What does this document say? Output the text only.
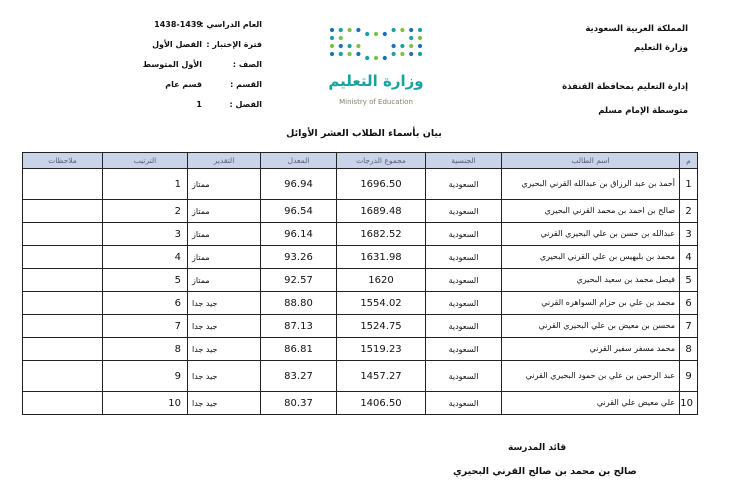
المملكة العربية السعودية
وزارة التعليم
إدارة التعليم بمحافظة القنفذة
متوسطة الإمام مسلم
العام الدراسي :
1438-1439
فترة الإختبار :
الفصل الأول
الصف :
الأول المتوسط
القسم :
قسم عام
الفصل :
1
وزارة التعليم
Ministry of Education
بيان بأسماء الطلاب العشر الأوائل
م	اسم الطالب	الجنسية	مجموع الدرجات	المعدل	التقدير	الترتيب	ملاحظات
1	أحمد بن عبد الرزاق بن عبدالله القرني البحيري	السعودية	1696.50	96.94	ممتاز	1	
2	صالح بن احمد بن محمد القرني البحيري	السعودية	1689.48	96.54	ممتاز	2	
3	عبدالله بن حسن بن علي البحيري القرني	السعودية	1682.52	96.14	ممتاز	3	
4	محمد بن بليهيس بن علي القرني البحيري	السعودية	1631.98	93.26	ممتاز	4	
5	فيصل محمد بن سعيد البحيري	السعودية	1620	92.57	ممتاز	5	
6	محمد بن علي بن حزام السواهره القرني	السعودية	1554.02	88.80	جيد جدا	6	
7	محسن بن معيض بن علي البحيري القرني	السعودية	1524.75	87.13	جيد جدا	7	
8	محمد مسفر سفير القرني	السعودية	1519.23	86.81	جيد جدا	8	
9	عبد الرحمن بن علي بن حمود البحيري القرني	السعودية	1457.27	83.27	جيد جدا	9	
10	علي معيض علي القرني	السعودية	1406.50	80.37	جيد جدا	10	
قائد المدرسة
صالح بن محمد بن صالح القرني البحيري
